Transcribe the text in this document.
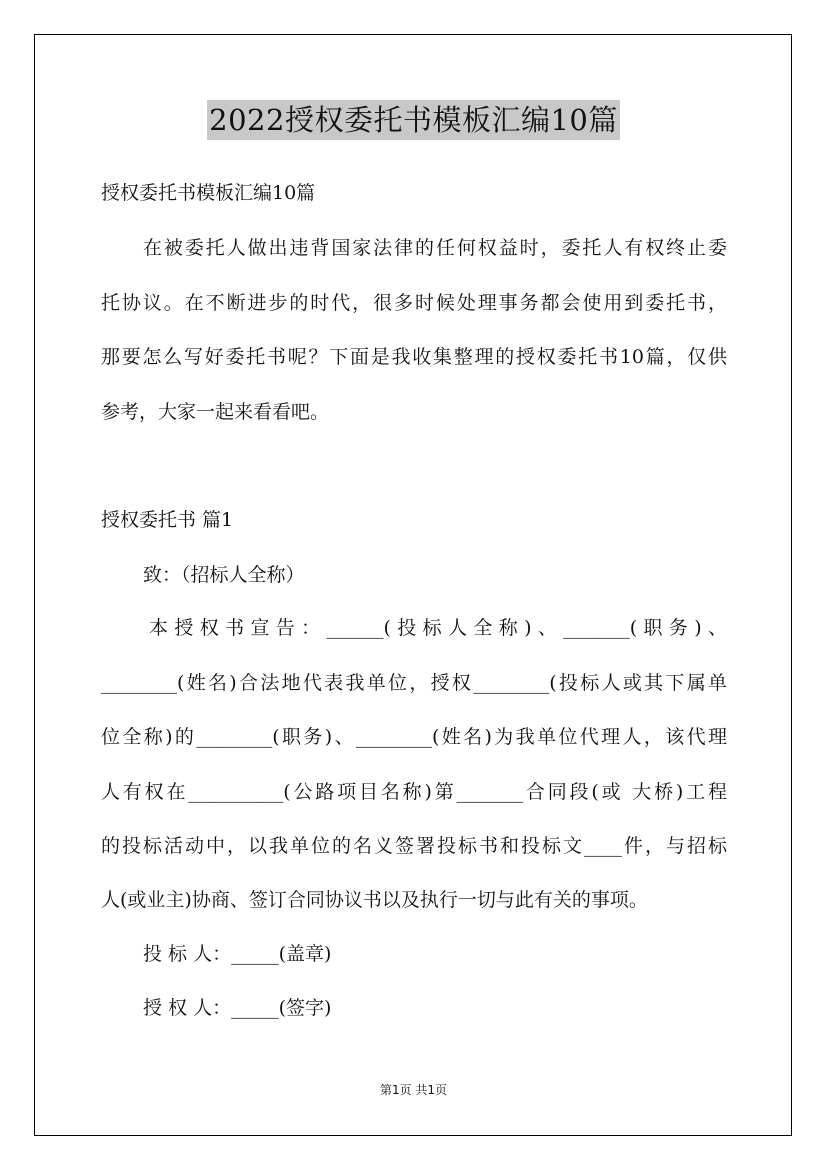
2022授权委托书模板汇编10篇
授权委托书模板汇编10篇
在被委托人做出违背国家法律的任何权益时，委托人有权终止委
托协议。在不断进步的时代，很多时候处理事务都会使用到委托书，
那要怎么写好委托书呢？下面是我收集整理的授权委托书10篇，仅供
参考，大家一起来看看吧。
授权委托书 篇1
致：（招标人全称）
本授权书宣告：______(投标人全称)、_______(职务)、
________(姓名)合法地代表我单位，授权________(投标人或其下属单
位全称)的________(职务)、________(姓名)为我单位代理人，该代理
人有权在__________(公路项目名称)第_______合同段(或 大桥)工程
的投标活动中，以我单位的名义签署投标书和投标文____件，与招标
人(或业主)协商、签订合同协议书以及执行一切与此有关的事项。
投 标 人：_____(盖章)
授 权 人：_____(签字)
第1页 共1页
